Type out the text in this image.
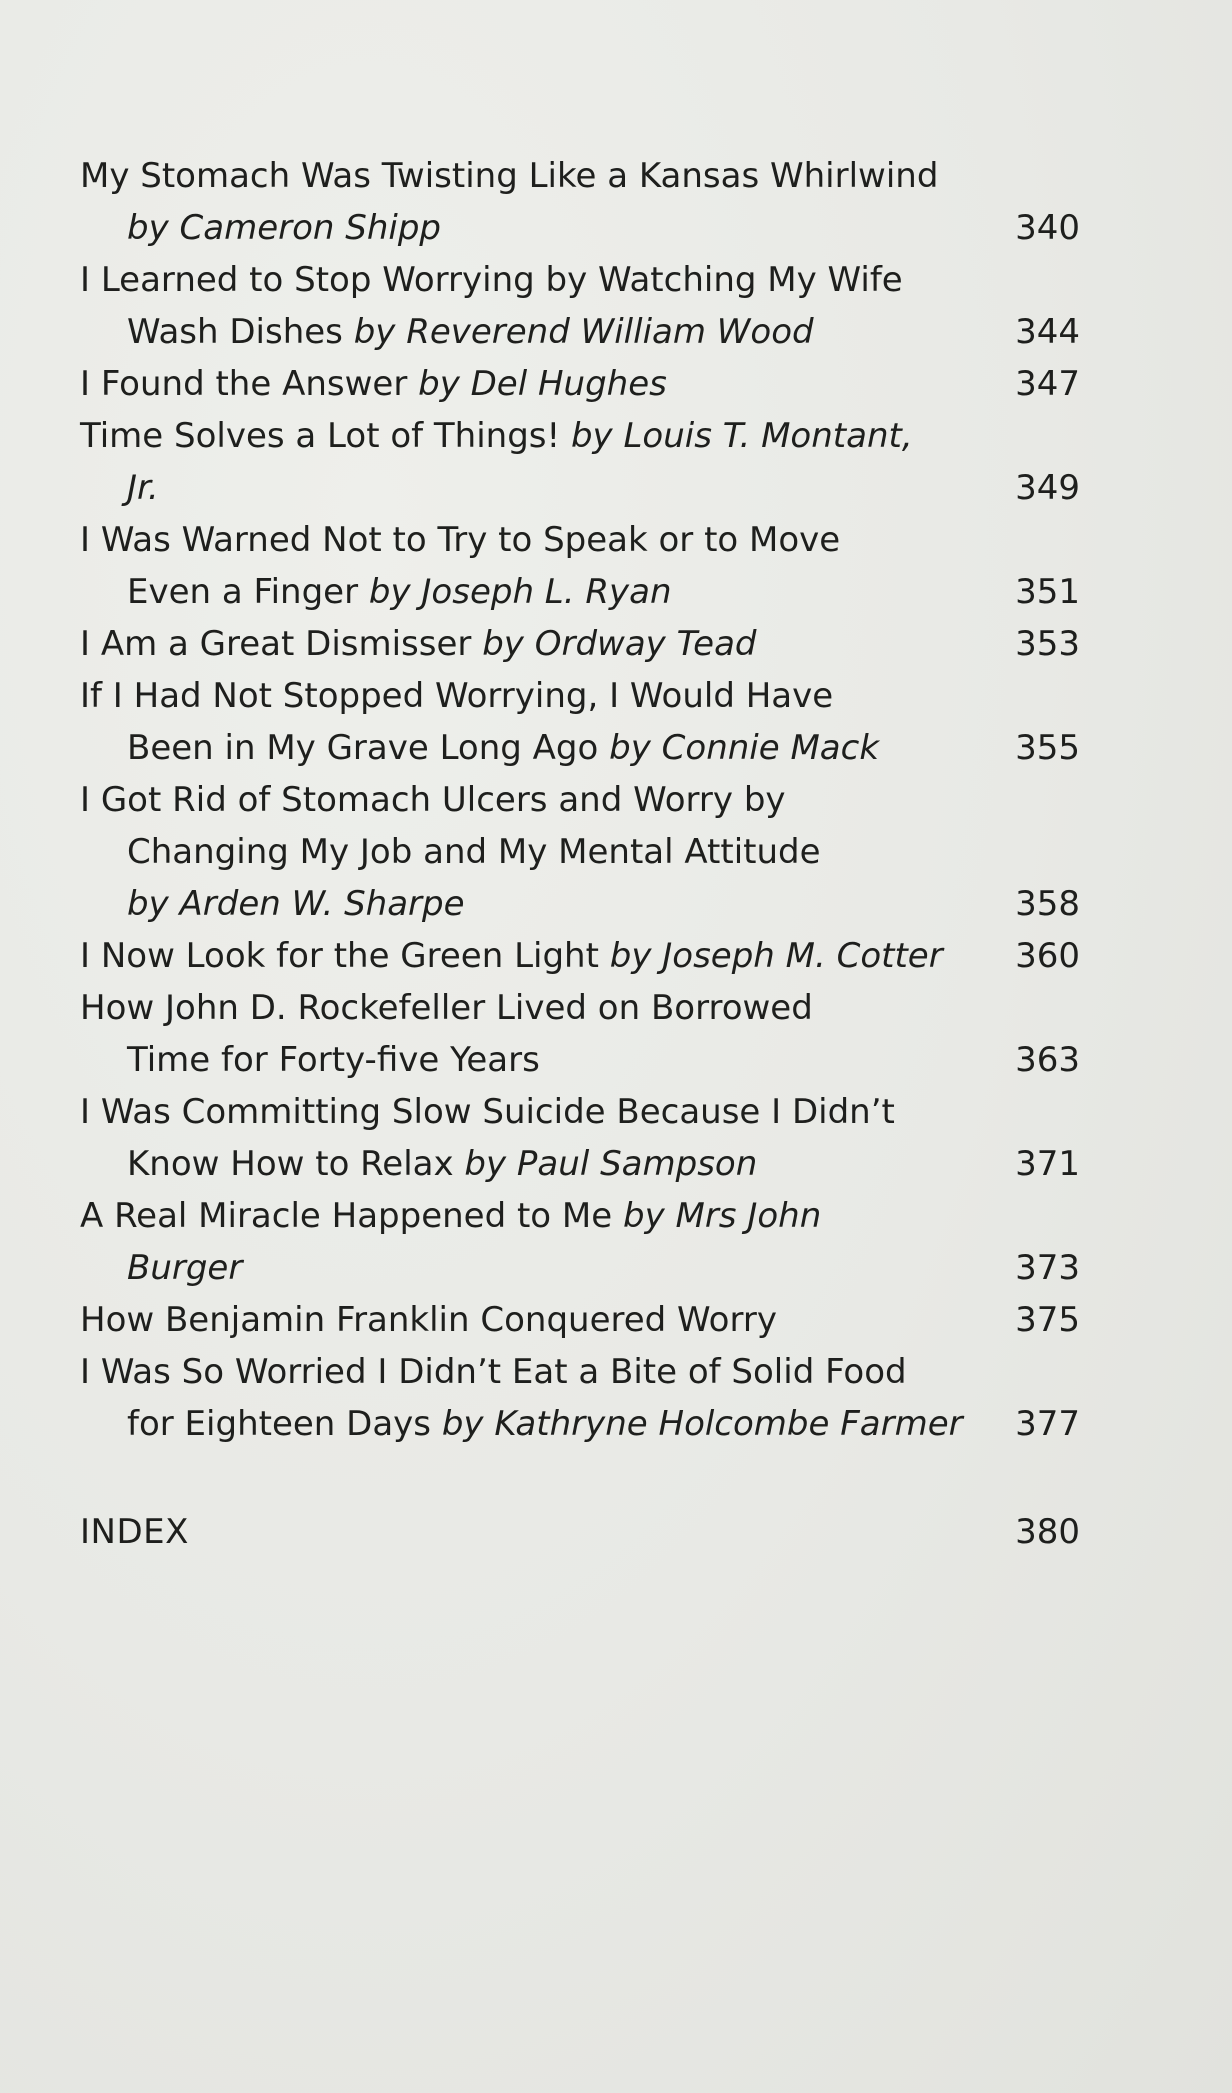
My Stomach Was Twisting Like a Kansas Whirlwind
by Cameron Shipp	340
I Learned to Stop Worrying by Watching My Wife
Wash Dishes by Reverend William Wood	344
I Found the Answer by Del Hughes	347
Time Solves a Lot of Things! by Louis T. Montant,
Jr.	349
I Was Warned Not to Try to Speak or to Move
Even a Finger by Joseph L. Ryan	351
I Am a Great Dismisser by Ordway Tead	353
If I Had Not Stopped Worrying, I Would Have
Been in My Grave Long Ago by Connie Mack	355
I Got Rid of Stomach Ulcers and Worry by
Changing My Job and My Mental Attitude
by Arden W. Sharpe	358
I Now Look for the Green Light by Joseph M. Cotter	360
How John D. Rockefeller Lived on Borrowed
Time for Forty-five Years	363
I Was Committing Slow Suicide Because I Didn’t
Know How to Relax by Paul Sampson	371
A Real Miracle Happened to Me by Mrs John
Burger	373
How Benjamin Franklin Conquered Worry	375
I Was So Worried I Didn’t Eat a Bite of Solid Food
for Eighteen Days by Kathryne Holcombe Farmer	377
INDEX	380
